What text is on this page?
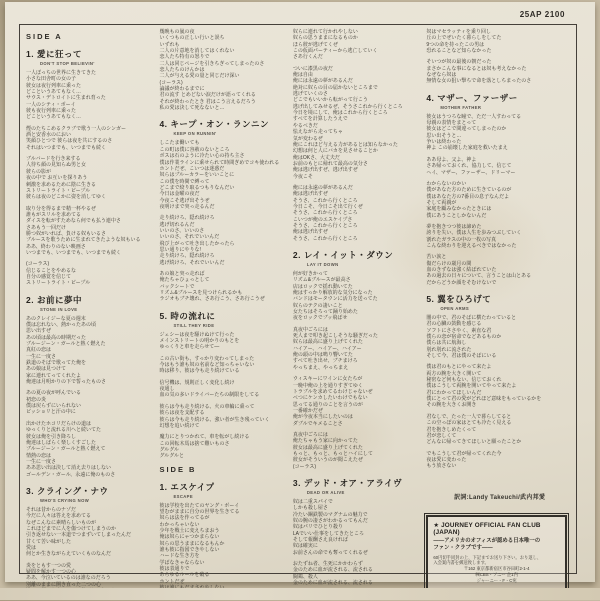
25AP 2100
SIDE A
1. 愛に狂って
DON'T STOP BELIEVIN'
一人ぼっちの世界に生きてきた
小さな田舎町の女の子
彼女は夜行列車に乗った
どこというあてもなく…
サウス・デトロイトに生まれ育った
一人のシティ・ボーイ
彼も夜行列車に乗った
どこというあてもなく…
煙のたちこめるクラブで歌う一人のシンガー
酒と安香水のにおい
笑顔ひとつで 彼らは夜を共にするのさ
それはいつまでも、いつまでも続く
ブルバードを行き来する
人待ち顔の見知らぬ男と女
彼らの影が
夜の中で お互いを探りあう
刺激を求めるために陰に生きる
ストリートライト・ピープル
彼らは夜のどこかに姿を消してゆく
取り分を得るまで精一杯やるぜ
誰もがスリルを求めてる
ダイスを転がすためなら何でも払う連中さ
さあもう一回だけ
勝つ奴がいれば、負ける奴もいるさ
ブルースを歌うために生まれてきたような奴もいる
ああ、終わりのない映画さ
いつまでも、いつまでも、いつまでも続く
(コーラス)
信じることをやめるな
自分の感覚を信じて
ストリートライト・ピープル
2. お前に夢中
STONE IN LOVE
あのクレイジーな夏の週末
僕は忘れない、熱かったあの頃
思い出すぜ
あの頃は最高の時期だった
ブルージーン・ガールと熱く燃えた
真紅の恋は
一生に一度さ
鉄道のそばで歌ってた俺を
あの娘は見つけて
家に連れてってくれたよ
俺達は月明かりの下で誓ったものさ
あの夏の夜が呼んでいる
初恋の炎
僕は戻らずにいられない
ビッショリと汗の中に
出かけたホコリだらけの道は
ゆっくりと流れる川へと続いてた
彼女は俺を引き降ろし
俺達はしばらく楽しくすごした
ブルージーン・ガールと熱く燃えて
情熱の恋は
一生に一度さ
ああ思い出は決して消え去りはしない
ゴールデン・ガール、永遠に俺のものさ
3. クライング・ナウ
WHO'S CRYING NOW
それは昔からのナゾだ
今だに人々は答えを求めてる
なぜこんなに素晴らしいものが
これほどまでに人を傷つけてしまうのか
引き返せない一本道でつまずいてしまったんだ
甘くて苦い味がした
愛は
何とか生きながらえていくものなんだ
炎をともす一つの愛
疑問を解かす一つの心
ああ、今泣いているのは誰なのだろう
別離のままに開き直った二つの心
幾晩もの嵐の夜
いくつもの正しい行いと誤ち
いずれも
二人の片意地を消してはくれない
恋人たち特有の怒りで
二人は同じページを引きちぎってしまったのさ
恋人たちのけんかは
二人が与える愛の量と同じだけ深い
(コーラス)
論議が終わるまでに
君の流す とめどない涙だけが語ってくれる
それが終わったとき 君はこう言えるだろう
私の愛は決して死なないと…
4. キープ・オン・ランニン
KEEP ON RUNNIN'
しこたま働いても
この町は僕に容赦のないところ
ボスは石のように冷たい心の持ち主さ
僕は作業ラインに乗せられて時間ぎめでコキ使われる
ホントだぜ、こいつは迷惑だ
奴らはブルーカラーをいいことに
この僕を時間で縛って
どこまで絞り取るつもりなんだい
今日は金曜の夜だ
今夜こそ逃げ出そうぜ
夜明けまで突っ走るんだ
走り続けろ、隠れ続けろ
逃げ切れるんだ
いいのさ、いいのさ
いいのさ、それでいいんだ
飛び上がって吐き出したかったら
思い通りにやりな!
走り続けろ、隠れ続けろ
逃げ続けろ、それでいいんだ
あの娘と突っ走れば
俺たちゃひょっとして
バックシートで
リズム&ブルースを見つけられるかも
ラジオもブチ壊れ、さあ行こう、さあ行こうぜ
5. 時の流れに
STILL THEY RIDE
ジェシーは夜を駆けぬけて行った
メインストリートの明かりのもとを
ゆっくりと車を走らせて―
この古い街も、すっかり変わってしまった
今はもう誰も奴の名前など知っちゃいない
時は移り、彼は今も走り続けている
信号機は、規則正しく変化し続け
夜通し
血の気の多いドライバーたちの制限をしてる
彼らは今も走り続ける、火の車輪に乗って
彼らは夜を支配する
彼らは今も走り続ける、強い者が生き残っていく
幻想を追い続けて
魔力にとりつかれて、車を転がし続ける
この回転木馬は捨て難いものさ
グルグル
グルグルと
SIDE B
1. エスケイプ
ESCAPE
彼は学校を出たてのヤング・ボーイ
望むがままに自分の世界を生きてる
奴らは法を作ってるが
わかっちゃいない
少年を戦士に変えちまおう
俺は奴らにゃつかまらない
奴らの思うままになるもんか
誰も彼に指図できやしない
ハードな生き方を
学ばなきゃならない
彼は表通りで
あらゆるルールを破る
ホントだぜ
奴らに連れて行かれやしない
奴らの思うままになるものか
ほら彼が逃げてくぜ
この仮面パーティーから逃亡していく
さあ行くんだ
ついに漆黒の夜だ
俺は自由
俺には永遠の夢があるんだ
絶対に奴らの目の届かないところまで
逃げていくのさ
どこでもいいから転がって行こう
逃げ出してみせるぜ、そうさこれから行くところ
今日を境にして、俺はこれから行くところ
すべてを計算したうえで
やるべきだ
怯えながら走ってちゃ
気が変わるぜ
俺にこれほど与える力があるとは知らなかった
幻想は何と人にバカを見させることか
俺はOKさ、大丈夫だ
お前のもとに帰れて最高の気分さ
俺は逃げ出すぜ、逃げ出すぜ
今夜こそ
俺には永遠の夢があるんだ
俺は逃げ出すぜ
そうさ、これから行くところ
今日こそ、今日こそ出て行くぜ
そうさ、これから行くところ
こいつが俺のエスケイプさ
そうさ、これから行くところ
俺は逃げ出すぜ
そうさ、これから行くところ
2. レイ・イット・ダウン
LAY IT DOWN
何が好きかって
リズム&ブルースが最高さ
店はロックで揺れ動いてた
俺はすっかり解放的な気分になった
バンドはモータウンに活力を送ってた
奴らのテクの凄いこと
女たちはそろって踊り始めた
夜をロックでブッ飛ばせ
真夜中ごろには
死人まで叩き起こしそうな騒ぎだった
奴らは最高に盛り上げてくれた
ハイアー、ハイアー、ハイアー
俺の頭の中は鳴り響いてた
すべて吐き出せ、ブチまけろ
やっちまえ、やっちまえ
ウィスキーにワインに女たちが
一晩中俺の上を通りすぎてゆく
トラブルを求めてるわけじゃないぜ
べつにケンカしたいわけでもない
思ってる通りのことを言うのが
一番確かだぜ
俺が今夜本当にしたいのは
ダブルでキメることさ
真夜中ごろには
俺たちゃもう家に向かってた
彼女は最高に盛り上げてくれた
もっと、もっと、もっとハイにして
彼女がそういうのが聞こえたぜ
(コーラス)
3. デッド・オア・アライヴ
DEAD OR ALIVE
奴は二重スパイで
しかも殺し屋さ
冷たい鋼鉄製のマグナムの魅力で
奴の腕の凄さがわかるってもんだ
奴はパリでひとり殺り
LAでいい仕事をしてきたところ
そして報酬さえ良ければ
奴は確実に
お前さんの命でも奪ってくれるぜ
おたずね者、生死にかかわらず
金のために血が流される、流される
闘鶏、殺人
金のために血が流される、流される
奴はマセラッティを乗り回し
丘の上でぜいたく暮らしをしてた
9つの命を持ったこの男は
恐れることなど知らなかった
そいつが奴の最後の朝だった
まさかこんな事になるとは奴も考えなかった
なぜなら奴は
無情な女の狙い撃ちで命を落としちまったのさ
4. マザー、ファーザー
MOTHER FATHER
彼女はうつろな瞳で、ただ一人すわってる
母親の表情をまとって
彼女はどこで間違ってしまったのか
思い出そうと…
争いは終わった
神よ この崩壊した家庭を救いたまえ
ああ母よ、父よ、神よ
さあ帰っておくれ、協力して、信じて
ヘイ、マザー、ファーザー、ドリーマー
わからないのかい
僕があなた方のために生きているのが
僕はあなた方の7番目の息子なんだよ
そして両親が
家庭を顧みなかったときには
僕にあうことしかないんだ
夢を抱きつつ彼は諦めた
誇りを失い、僕は人生を歩みつぶしていく
割れたガラスの中の一枚の写真
こんな終わりを迎えるべきではなかった
苦い涙と
傷だらけの歳月の間
血のきずなは強く結ばれていた
あの過去の日々について、言うことは山とある
だからどうか顔をそむけないで
5. 翼をひろげて
OPEN ARMS
闇の中で、君のそばに横たわっていると
君の心臓の鼓動を感じる
ソフトにささやく、素直な君
僕らの恋が宿命でなどあるものか
僕らは共に航海し
別れ別れに流された
そして今、君は僕のそばにいる
僕は君のもとにやって来たよ
両方の腕を大きく開いて
秘密など何もない、信じておくれ
僕はこうして両腕を開いてやって来たよ
君にわかってほしいんだ
僕にとって君の愛がどれほど意味をもっているかを
その腕を大きくお開き
君なしで、たった一人で暮らしてると
この空っぽの家はとても冷たく見える
君を抱きしめたくって
君が恋しくて
どんなに帰ってきてほしいと願ったことか
でもこうして君が帰ってくれた今
夜は愛に変わった
もう放さない
訳詞:Landy Takeuchi/武内邦愛
★ JOURNEY OFFICIAL FAN CLUB (JAPAN)
――アメリカのオフィスが認める日本唯一の
ファン・クラブです――
60円切手同封の上、下記までお送り下さい。おり返し、
入会案内書を郵送致します。
〒162 東京都新宿区市谷田町2-1-4
㈱CBS・ソニー 企1内
ジャーニー・F・C宛
